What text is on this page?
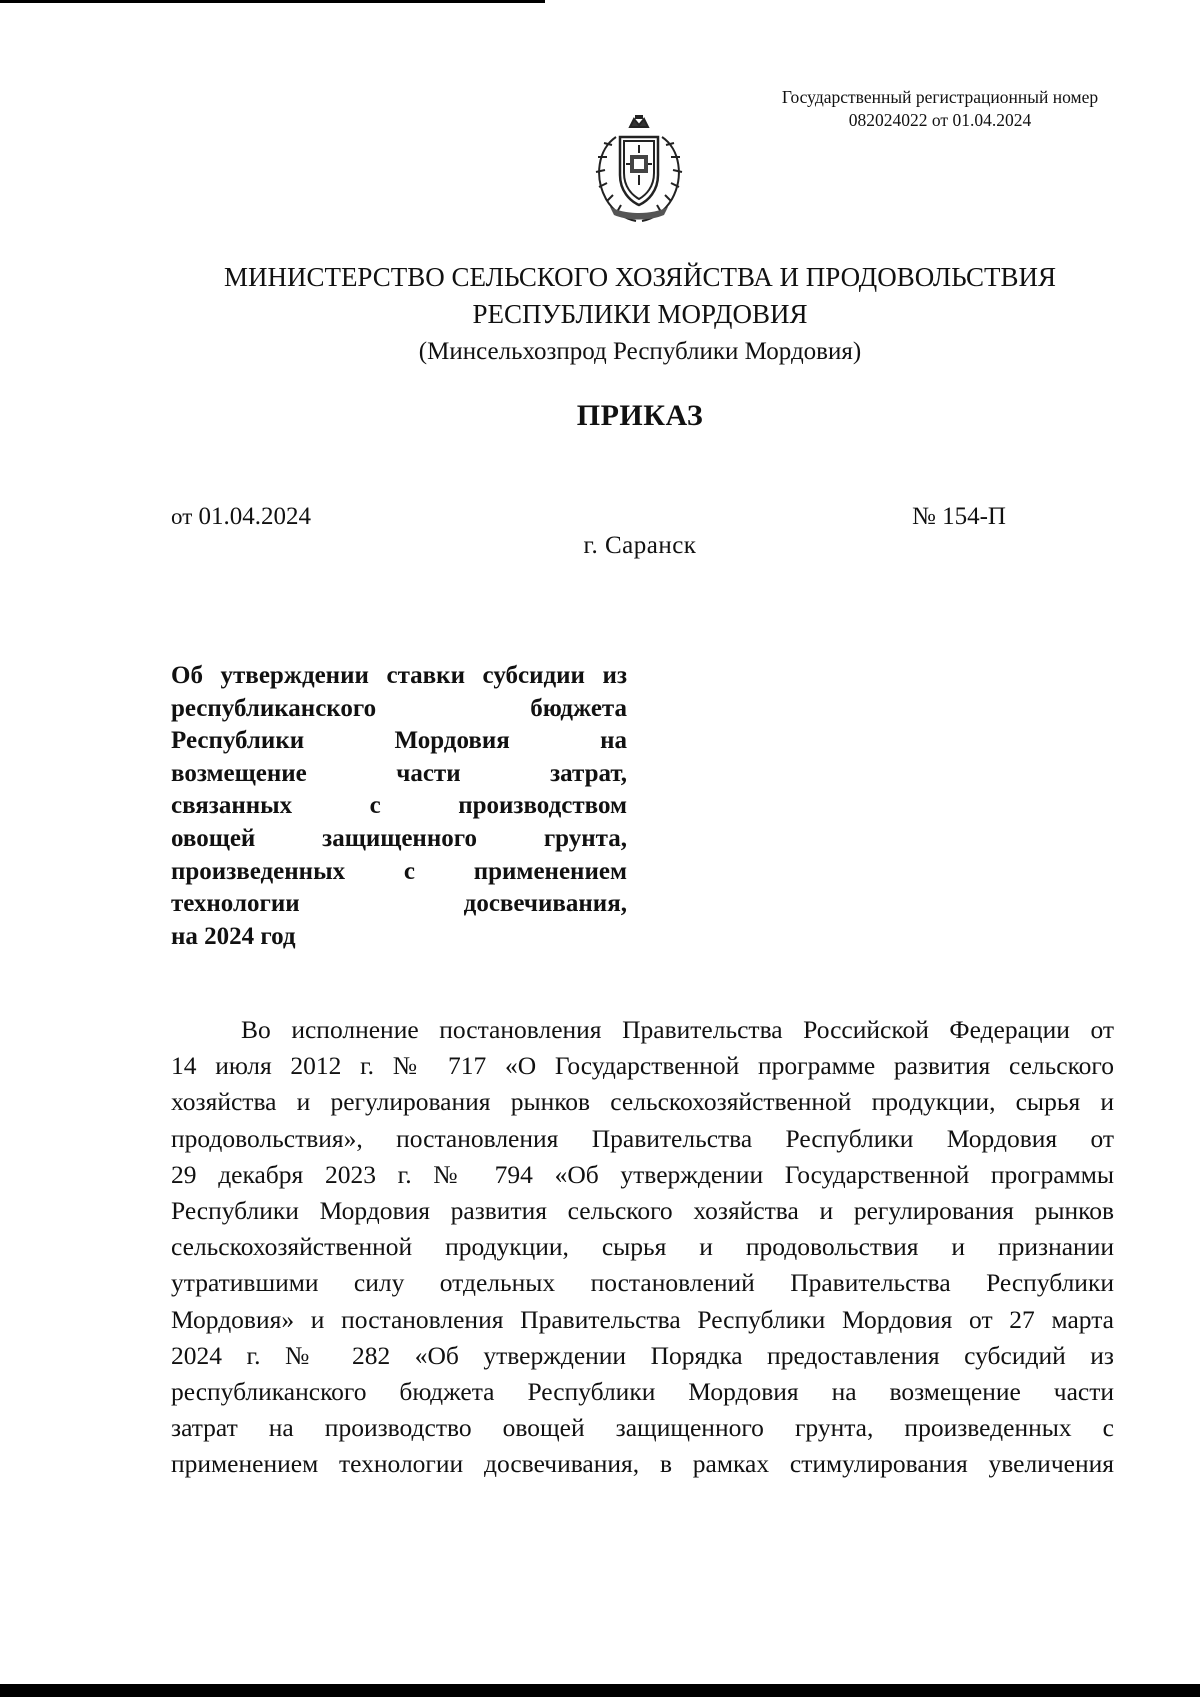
Государственный регистрационный номер
082024022 от 01.04.2024
МИНИСТЕРСТВО СЕЛЬСКОГО ХОЗЯЙСТВА И ПРОДОВОЛЬСТВИЯ
РЕСПУБЛИКИ МОРДОВИЯ
(Минсельхозпрод Республики Мордовия)
ПРИКАЗ
от 01.04.2024	№ 154-П
г. Саранск
Об утверждении ставки субсидии из
республиканского бюджета
Республики Мордовия на
возмещение части затрат,
связанных с производством
овощей защищенного грунта,
произведенных с применением
технологии досвечивания,
на 2024 год
Во исполнение постановления Правительства Российской Федерации от
14 июля 2012 г. № 717 «О Государственной программе развития сельского
хозяйства и регулирования рынков сельскохозяйственной продукции, сырья и
продовольствия», постановления Правительства Республики Мордовия от
29 декабря 2023 г. № 794 «Об утверждении Государственной программы
Республики Мордовия развития сельского хозяйства и регулирования рынков
сельскохозяйственной продукции, сырья и продовольствия и признании
утратившими силу отдельных постановлений Правительства Республики
Мордовия» и постановления Правительства Республики Мордовия от 27 марта
2024 г. № 282 «Об утверждении Порядка предоставления субсидий из
республиканского бюджета Республики Мордовия на возмещение части
затрат на производство овощей защищенного грунта, произведенных с
применением технологии досвечивания, в рамках стимулирования увеличения
